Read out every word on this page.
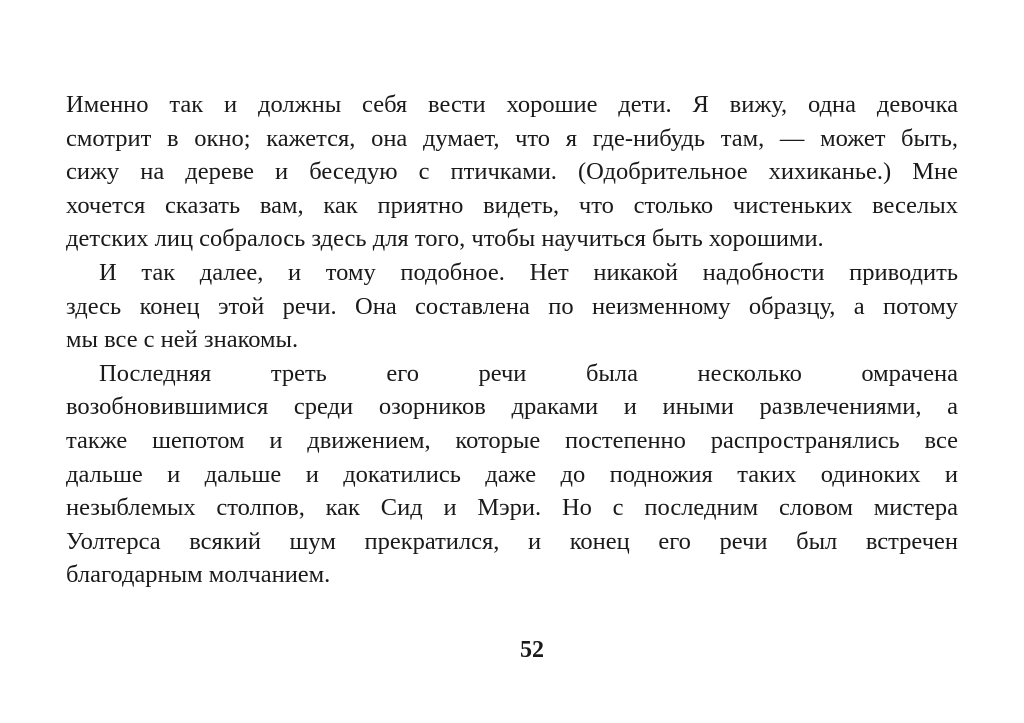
Именно так и должны себя вести хорошие дети. Я вижу, одна девочка
смотрит в окно; кажется, она думает, что я где-нибудь там, — может быть,
сижу на дереве и беседую с птичками. (Одобрительное хихиканье.) Мне
хочется сказать вам, как приятно видеть, что столько чистеньких веселых
детских лиц собралось здесь для того, чтобы научиться быть хорошими.
И так далее, и тому подобное. Нет никакой надобности приводить
здесь конец этой речи. Она составлена по неизменному образцу, а потому
мы все с ней знакомы.
Последняя треть его речи была несколько омрачена
возобновившимися среди озорников драками и иными развлечениями, а
также шепотом и движением, которые постепенно распространялись все
дальше и дальше и докатились даже до подножия таких одиноких и
незыблемых столпов, как Сид и Мэри. Но с последним словом мистера
Уолтерса всякий шум прекратился, и конец его речи был встречен
благодарным молчанием.
52
